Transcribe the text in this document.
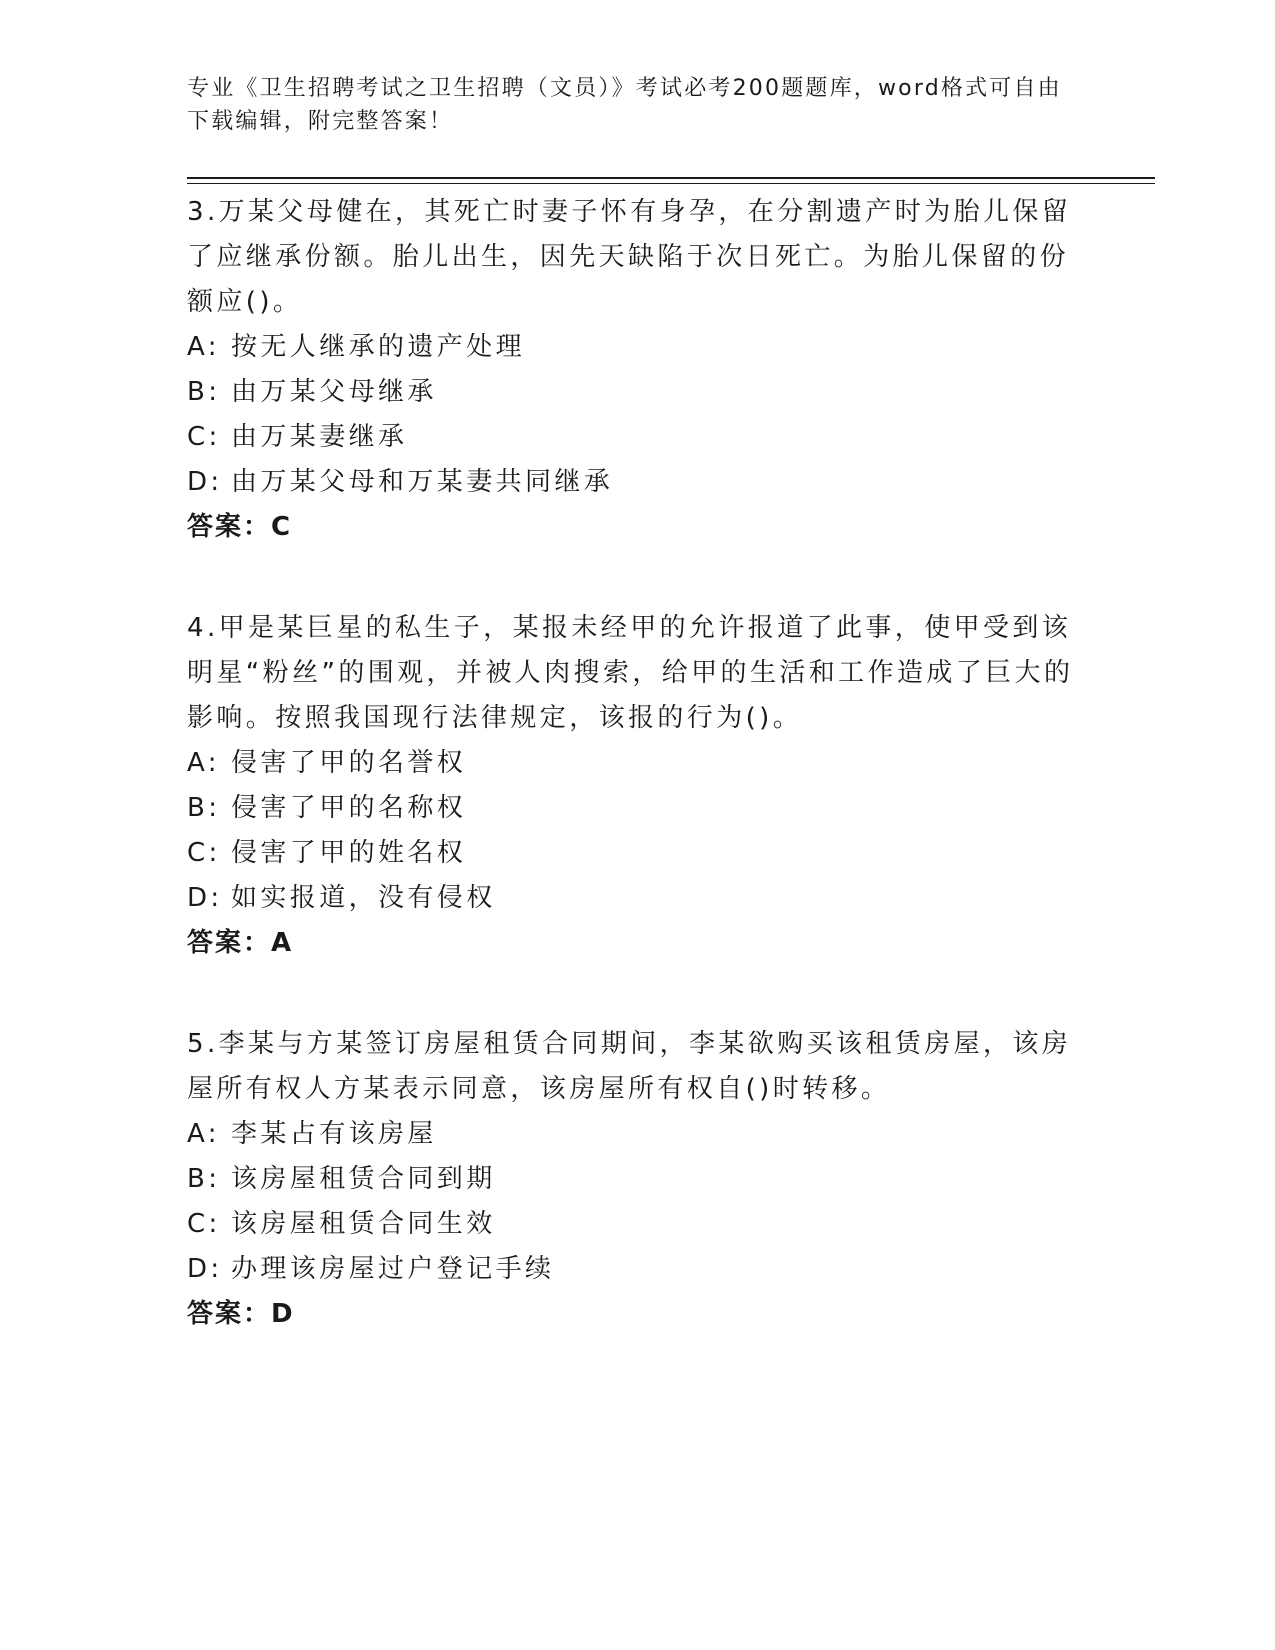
专业《卫生招聘考试之卫生招聘（文员）》考试必考200题题库，word格式可自由下载编辑，附完整答案！

3.万某父母健在，其死亡时妻子怀有身孕，在分割遗产时为胎儿保留了应继承份额。胎儿出生，因先天缺陷于次日死亡。为胎儿保留的份额应()。

A: 按无人继承的遗产处理

B: 由万某父母继承

C: 由万某妻继承

D: 由万某父母和万某妻共同继承

答案：C

4.甲是某巨星的私生子，某报未经甲的允许报道了此事，使甲受到该明星“粉丝”的围观，并被人肉搜索，给甲的生活和工作造成了巨大的影响。按照我国现行法律规定，该报的行为()。

A: 侵害了甲的名誉权

B: 侵害了甲的名称权

C: 侵害了甲的姓名权

D: 如实报道，没有侵权

答案：A

5.李某与方某签订房屋租赁合同期间，李某欲购买该租赁房屋，该房屋所有权人方某表示同意，该房屋所有权自()时转移。

A: 李某占有该房屋

B: 该房屋租赁合同到期

C: 该房屋租赁合同生效

D: 办理该房屋过户登记手续

答案：D
